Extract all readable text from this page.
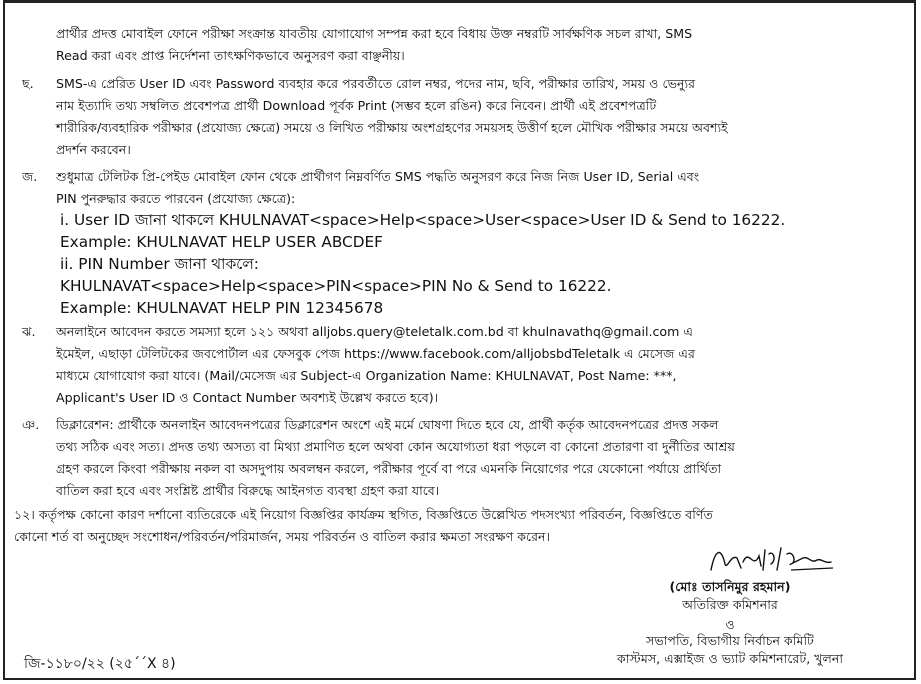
প্রার্থীর প্রদত্ত মোবাইল ফোনে পরীক্ষা সংক্রান্ত যাবতীয় যোগাযোগ সম্পন্ন করা হবে বিধায় উক্ত নম্বরটি সার্বক্ষণিক সচল রাখা, SMS
Read করা এবং প্রাপ্ত নির্দেশনা তাৎক্ষণিকভাবে অনুসরণ করা বাঞ্ছনীয়।
ছ. SMS-এ প্রেরিত User ID এবং Password ব্যবহার করে পরবর্তীতে রোল নম্বর, পদের নাম, ছবি, পরীক্ষার তারিখ, সময় ও ভেন্যুর
নাম ইত্যাদি তথ্য সম্বলিত প্রবেশপত্র প্রার্থী Download পূর্বক Print (সম্ভব হলে রঙিন) করে নিবেন। প্রার্থী এই প্রবেশপত্রটি
শারীরিক/ব্যবহারিক পরীক্ষার (প্রযোজ্য ক্ষেত্রে) সময়ে ও লিখিত পরীক্ষায় অংশগ্রহণের সময়সহ উত্তীর্ণ হলে মৌখিক পরীক্ষার সময়ে অবশ্যই
প্রদর্শন করবেন।
জ. শুধুমাত্র টেলিটক প্রি-পেইড মোবাইল ফোন থেকে প্রার্থীগণ নিম্নবর্ণিত SMS পদ্ধতি অনুসরণ করে নিজ নিজ User ID, Serial এবং
PIN পুনরুদ্ধার করতে পারবেন (প্রযোজ্য ক্ষেত্রে):
i. User ID জানা থাকলে KHULNAVAT<space>Help<space>User<space>User ID & Send to 16222.
Example: KHULNAVAT HELP USER ABCDEF
ii. PIN Number জানা থাকলে:
KHULNAVAT<space>Help<space>PIN<space>PIN No & Send to 16222.
Example: KHULNAVAT HELP PIN 12345678
ঝ. অনলাইনে আবেদন করতে সমস্যা হলে ১২১ অথবা alljobs.query@teletalk.com.bd বা khulnavathq@gmail.com এ
ইমেইল, এছাড়া টেলিটকের জবপোর্টাল এর ফেসবুক পেজ https://www.facebook.com/alljobsbdTeletalk এ মেসেজ এর
মাধ্যমে যোগাযোগ করা যাবে। (Mail/মেসেজ এর Subject-এ Organization Name: KHULNAVAT, Post Name: ***,
Applicant's User ID ও Contact Number অবশ্যই উল্লেখ করতে হবে)।
ঞ. ডিক্লারেশন: প্রার্থীকে অনলাইন আবেদনপত্রের ডিক্লারেশন অংশে এই মর্মে ঘোষণা দিতে হবে যে, প্রার্থী কর্তৃক আবেদনপত্রের প্রদত্ত সকল
তথ্য সঠিক এবং সত্য। প্রদত্ত তথ্য অসত্য বা মিথ্যা প্রমাণিত হলে অথবা কোন অযোগ্যতা ধরা পড়লে বা কোনো প্রতারণা বা দুর্নীতির আশ্রয়
গ্রহণ করলে কিংবা পরীক্ষায় নকল বা অসদুপায় অবলম্বন করলে, পরীক্ষার পূর্বে বা পরে এমনকি নিয়োগের পরে যেকোনো পর্যায়ে প্রার্থিতা
বাতিল করা হবে এবং সংশ্লিষ্ট প্রার্থীর বিরুদ্ধে আইনগত ব্যবস্থা গ্রহণ করা যাবে।
১২। কর্তৃপক্ষ কোনো কারণ দর্শানো ব্যতিরেকে এই নিয়োগ বিজ্ঞপ্তির কার্যক্রম স্থগিত, বিজ্ঞপ্তিতে উল্লেখিত পদসংখ্যা পরিবর্তন, বিজ্ঞপ্তিতে বর্ণিত
কোনো শর্ত বা অনুচ্ছেদ সংশোধন/পরিবর্তন/পরিমার্জন, সময় পরিবর্তন ও বাতিল করার ক্ষমতা সংরক্ষণ করেন।
(মোঃ তাসনিমুর রহমান)
অতিরিক্ত কমিশনার
ও
সভাপতি, বিভাগীয় নির্বাচন কমিটি
কাস্টমস, এক্সাইজ ও ভ্যাট কমিশনারেট, খুলনা
জি-১১৮০/২২ (২৫´´X ৪)
